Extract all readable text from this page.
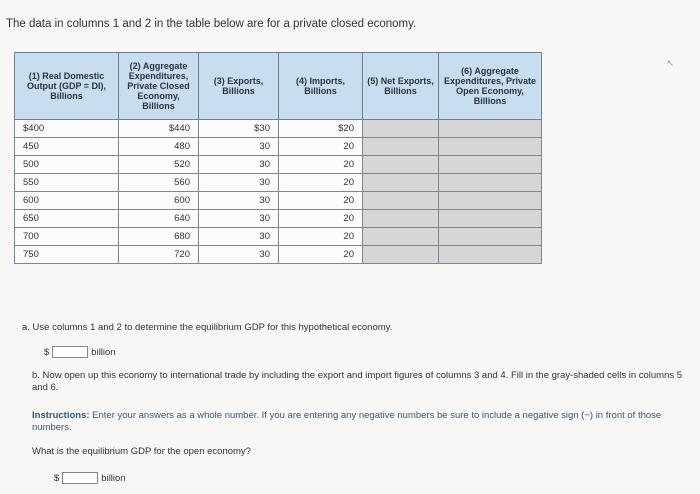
The data in columns 1 and 2 in the table below are for a private closed economy.
↖
(1) Real Domestic Output (GDP = DI), Billions	(2) Aggregate Expenditures, Private Closed Economy, Billions	(3) Exports, Billions	(4) Imports, Billions	(5) Net Exports, Billions	(6) Aggregate Expenditures, Private Open Economy, Billions
$400	$440	$30	$20		
450	480	30	20		
500	520	30	20		
550	560	30	20		
600	600	30	20		
650	640	30	20		
700	680	30	20		
750	720	30	20		
a. Use columns 1 and 2 to determine the equilibrium GDP for this hypothetical economy.
$	billion
b. Now open up this economy to international trade by including the export and import figures of columns 3 and 4. Fill in the gray-shaded cells in columns 5 and 6.
Instructions: Enter your answers as a whole number. If you are entering any negative numbers be sure to include a negative sign (−) in front of those numbers.
What is the equilibrium GDP for the open economy?
$	billion
